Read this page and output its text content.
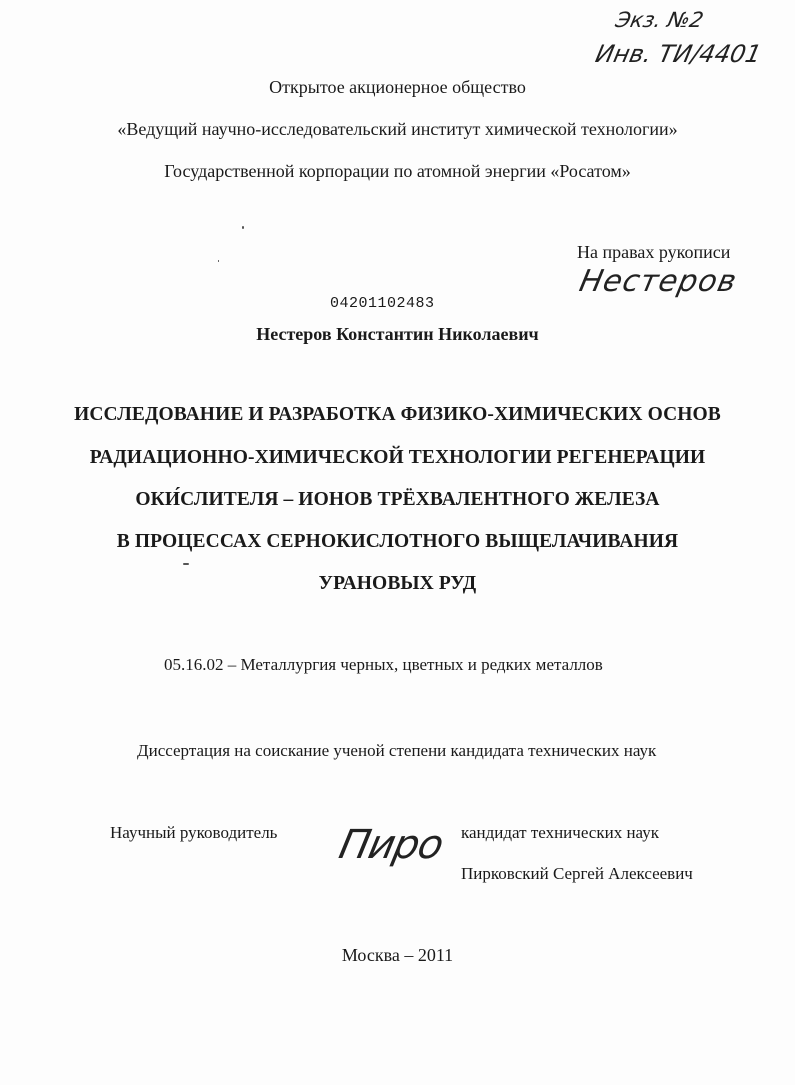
Экз. №2
Инв. ТИ/4401
Открытое акционерное общество
«Ведущий научно-исследовательский институт химической технологии»
Государственной корпорации по атомной энергии «Росатом»
На правах рукописи
Нестеров
04201102483
Нестеров Константин Николаевич
ИССЛЕДОВАНИЕ И РАЗРАБОТКА ФИЗИКО-ХИМИЧЕСКИХ ОСНОВ
РАДИАЦИОННО-ХИМИЧЕСКОЙ ТЕХНОЛОГИИ РЕГЕНЕРАЦИИ
ОКИ́СЛИТЕЛЯ – ИОНОВ ТРЁХВАЛЕНТНОГО ЖЕЛЕЗА
В ПРОЦЕССАХ СЕРНОКИСЛОТНОГО ВЫЩЕЛАЧИВАНИЯ
УРАНОВЫХ РУД
05.16.02 – Металлургия черных, цветных и редких металлов
Диссертация на соискание ученой степени кандидата технических наук
Научный руководитель Пиро кандидат технических наук
Пирковский Сергей Алексеевич
Москва – 2011
